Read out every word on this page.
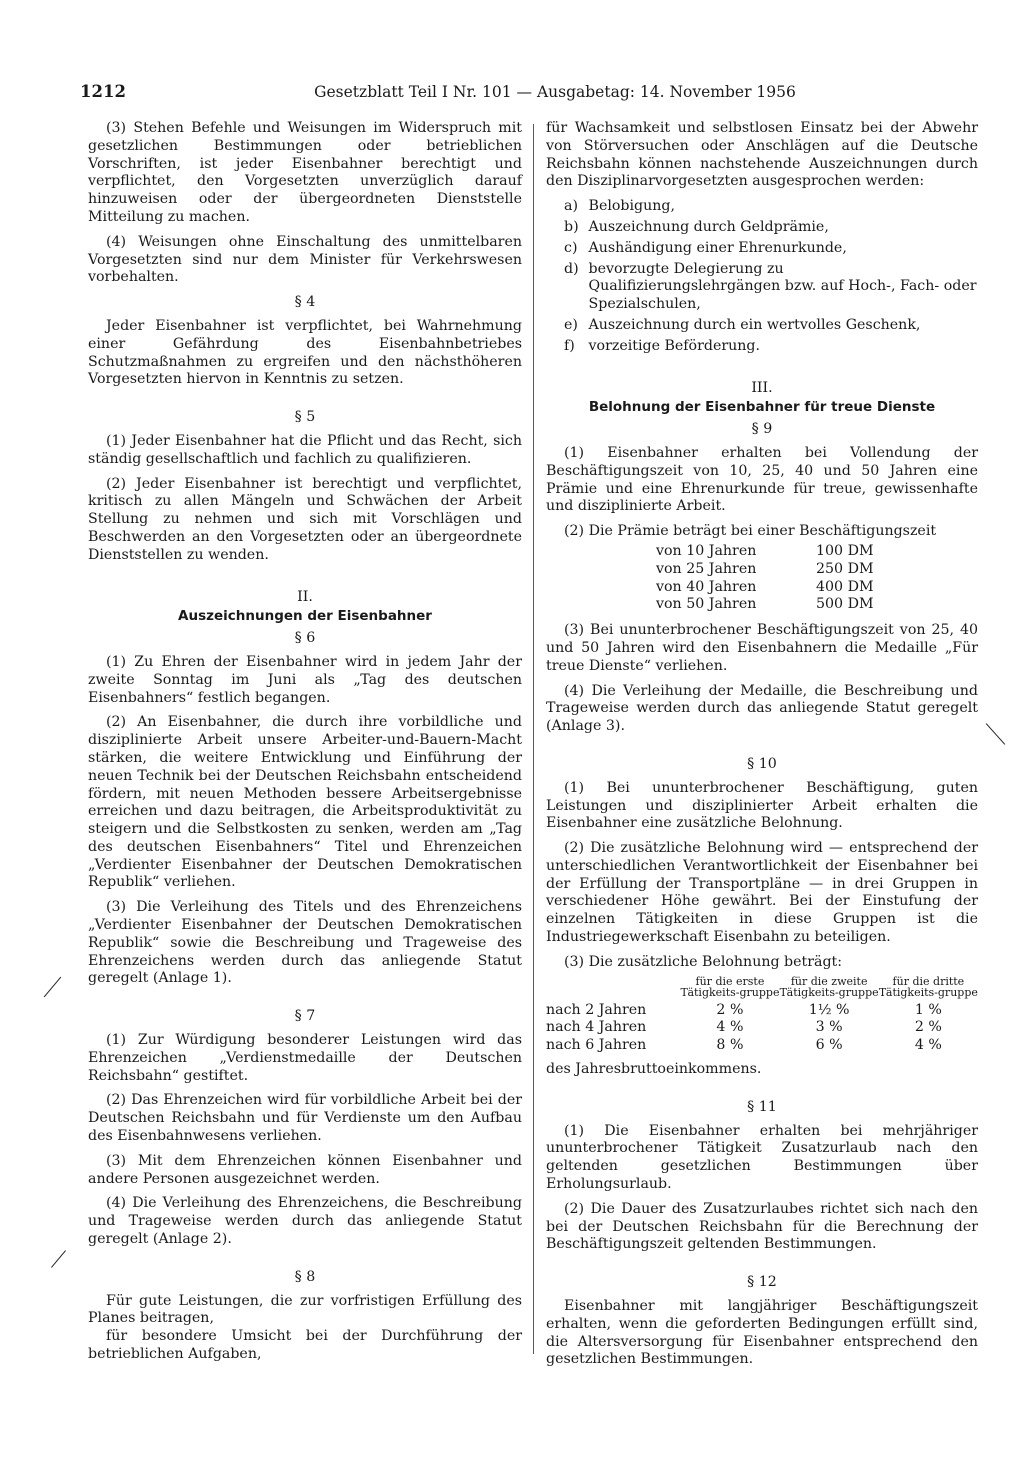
1212	Gesetzblatt Teil I Nr. 101 — Ausgabetag: 14. November 1956

(3) Stehen Befehle und Weisungen im Widerspruch mit gesetzlichen Bestimmungen oder betrieblichen Vorschriften, ist jeder Eisenbahner berechtigt und verpflichtet, den Vorgesetzten unverzüglich darauf hinzuweisen oder der übergeordneten Dienststelle Mitteilung zu machen.

(4) Weisungen ohne Einschaltung des unmittelbaren Vorgesetzten sind nur dem Minister für Verkehrswesen vorbehalten.

§ 4

Jeder Eisenbahner ist verpflichtet, bei Wahrnehmung einer Gefährdung des Eisenbahnbetriebes Schutzmaßnahmen zu ergreifen und den nächsthöheren Vorgesetzten hiervon in Kenntnis zu setzen.

§ 5

(1) Jeder Eisenbahner hat die Pflicht und das Recht, sich ständig gesellschaftlich und fachlich zu qualifizieren.

(2) Jeder Eisenbahner ist berechtigt und verpflichtet, kritisch zu allen Mängeln und Schwächen der Arbeit Stellung zu nehmen und sich mit Vorschlägen und Beschwerden an den Vorgesetzten oder an übergeordnete Dienststellen zu wenden.

II.
Auszeichnungen der Eisenbahner
§ 6

(1) Zu Ehren der Eisenbahner wird in jedem Jahr der zweite Sonntag im Juni als „Tag des deutschen Eisenbahners“ festlich begangen.

(2) An Eisenbahner, die durch ihre vorbildliche und disziplinierte Arbeit unsere Arbeiter-und-Bauern-Macht stärken, die weitere Entwicklung und Einführung der neuen Technik bei der Deutschen Reichsbahn entscheidend fördern, mit neuen Methoden bessere Arbeitsergebnisse erreichen und dazu beitragen, die Arbeitsproduktivität zu steigern und die Selbstkosten zu senken, werden am „Tag des deutschen Eisenbahners“ Titel und Ehrenzeichen „Verdienter Eisenbahner der Deutschen Demokratischen Republik“ verliehen.

(3) Die Verleihung des Titels und des Ehrenzeichens „Verdienter Eisenbahner der Deutschen Demokratischen Republik“ sowie die Beschreibung und Trageweise des Ehrenzeichens werden durch das anliegende Statut geregelt (Anlage 1).

§ 7

(1) Zur Würdigung besonderer Leistungen wird das Ehrenzeichen „Verdienstmedaille der Deutschen Reichsbahn“ gestiftet.

(2) Das Ehrenzeichen wird für vorbildliche Arbeit bei der Deutschen Reichsbahn und für Verdienste um den Aufbau des Eisenbahnwesens verliehen.

(3) Mit dem Ehrenzeichen können Eisenbahner und andere Personen ausgezeichnet werden.

(4) Die Verleihung des Ehrenzeichens, die Beschreibung und Trageweise werden durch das anliegende Statut geregelt (Anlage 2).

§ 8

Für gute Leistungen, die zur vorfristigen Erfüllung des Planes beitragen,

für besondere Umsicht bei der Durchführung der betrieblichen Aufgaben,

für Wachsamkeit und selbstlosen Einsatz bei der Abwehr von Störversuchen oder Anschlägen auf die Deutsche Reichsbahn können nachstehende Auszeichnungen durch den Disziplinarvorgesetzten ausgesprochen werden:

a)
Belobigung,
b)
Auszeichnung durch Geldprämie,
c)
Aushändigung einer Ehrenurkunde,
d)
bevorzugte Delegierung zu Qualifizierungslehrgängen bzw. auf Hoch-, Fach- oder Spezialschulen,
e)
Auszeichnung durch ein wertvolles Geschenk,
f)
vorzeitige Beförderung.
III.
Belohnung der Eisenbahner für treue Dienste
§ 9

(1) Eisenbahner erhalten bei Vollendung der Beschäftigungszeit von 10, 25, 40 und 50 Jahren eine Prämie und eine Ehrenurkunde für treue, gewissenhafte und disziplinierte Arbeit.

(2) Die Prämie beträgt bei einer Beschäftigungszeit

von 10 Jahren	100 DM
von 25 Jahren	250 DM
von 40 Jahren	400 DM
von 50 Jahren	500 DM

(3) Bei ununterbrochener Beschäftigungszeit von 25, 40 und 50 Jahren wird den Eisenbahnern die Medaille „Für treue Dienste“ verliehen.

(4) Die Verleihung der Medaille, die Beschreibung und Trageweise werden durch das anliegende Statut geregelt (Anlage 3).

§ 10

(1) Bei ununterbrochener Beschäftigung, guten Leistungen und disziplinierter Arbeit erhalten die Eisenbahner eine zusätzliche Belohnung.

(2) Die zusätzliche Belohnung wird — entsprechend der unterschiedlichen Verantwortlichkeit der Eisenbahner bei der Erfüllung der Transportpläne — in drei Gruppen in verschiedener Höhe gewährt. Bei der Einstufung der einzelnen Tätigkeiten in diese Gruppen ist die Industriegewerkschaft Eisenbahn zu beteiligen.

(3) Die zusätzliche Belohnung beträgt:

	für die erste Tätigkeits-gruppe	für die zweite Tätigkeits-gruppe	für die dritte Tätigkeits-gruppe
nach 2 Jahren	2 %	1½ %	1 %
nach 4 Jahren	4 %	3 %	2 %
nach 6 Jahren	8 %	6 %	4 %

des Jahresbruttoeinkommens.

§ 11

(1) Die Eisenbahner erhalten bei mehrjähriger ununterbrochener Tätigkeit Zusatzurlaub nach den geltenden gesetzlichen Bestimmungen über Erholungsurlaub.

(2) Die Dauer des Zusatzurlaubes richtet sich nach den bei der Deutschen Reichsbahn für die Berechnung der Beschäftigungszeit geltenden Bestimmungen.

§ 12

Eisenbahner mit langjähriger Beschäftigungszeit erhalten, wenn die geforderten Bedingungen erfüllt sind, die Altersversorgung für Eisenbahner entsprechend den gesetzlichen Bestimmungen.
